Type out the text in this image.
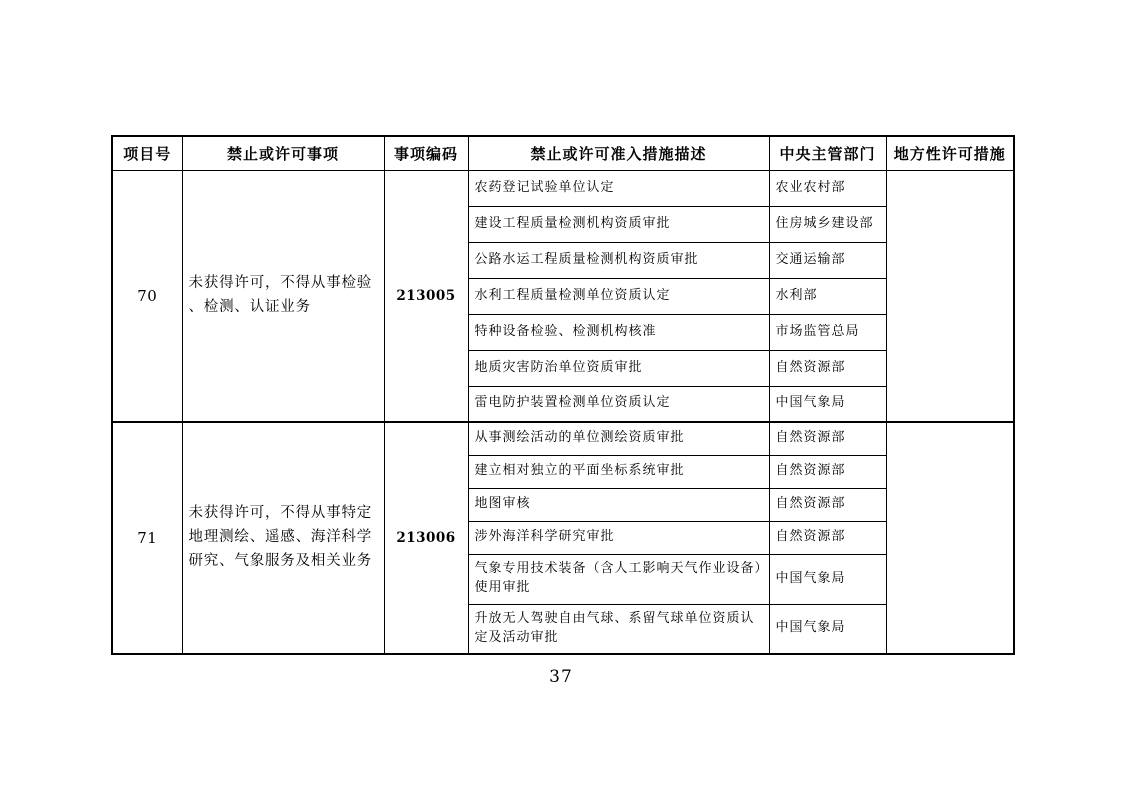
项目号	禁止或许可事项	事项编码	禁止或许可准入措施描述	中央主管部门	地方性许可措施
70	未获得许可，不得从事检验、检测、认证业务	213005	农药登记试验单位认定	农业农村部	
			建设工程质量检测机构资质审批	住房城乡建设部	
			公路水运工程质量检测机构资质审批	交通运输部	
			水利工程质量检测单位资质认定	水利部	
			特种设备检验、检测机构核准	市场监管总局	
			地质灾害防治单位资质审批	自然资源部	
			雷电防护装置检测单位资质认定	中国气象局	
71	未获得许可，不得从事特定地理测绘、遥感、海洋科学研究、气象服务及相关业务	213006	从事测绘活动的单位测绘资质审批	自然资源部	
			建立相对独立的平面坐标系统审批	自然资源部	
			地图审核	自然资源部	
			涉外海洋科学研究审批	自然资源部	
			气象专用技术装备（含人工影响天气作业设备）使用审批	中国气象局	
			升放无人驾驶自由气球、系留气球单位资质认定及活动审批	中国气象局	
37
